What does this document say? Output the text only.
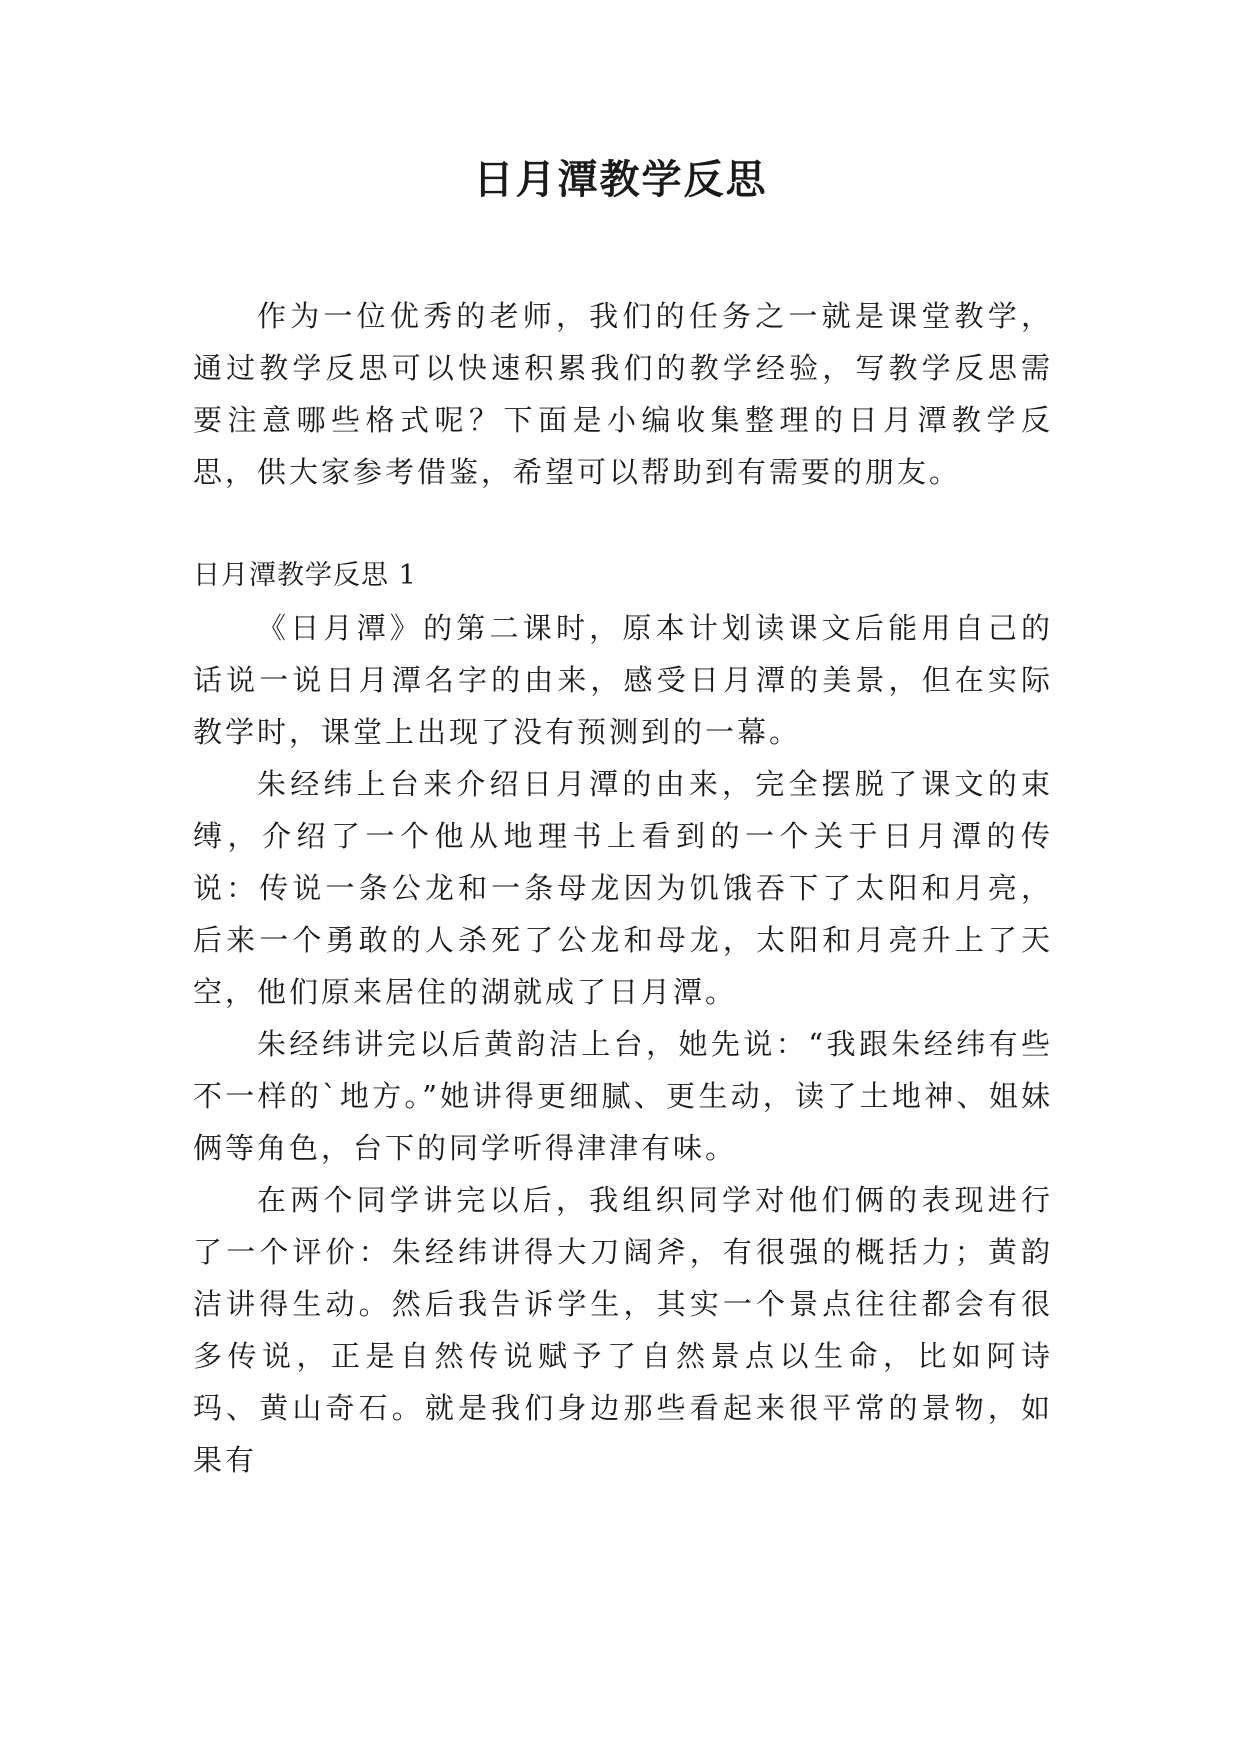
日月潭教学反思

作为一位优秀的老师，我们的任务之一就是课堂教学，通过教学反思可以快速积累我们的教学经验，写教学反思需要注意哪些格式呢？下面是小编收集整理的日月潭教学反思，供大家参考借鉴，希望可以帮助到有需要的朋友。

日月潭教学反思 1

《日月潭》的第二课时，原本计划读课文后能用自己的话说一说日月潭名字的由来，感受日月潭的美景，但在实际教学时，课堂上出现了没有预测到的一幕。

朱经纬上台来介绍日月潭的由来，完全摆脱了课文的束缚，介绍了一个他从地理书上看到的一个关于日月潭的传说：传说一条公龙和一条母龙因为饥饿吞下了太阳和月亮，后来一个勇敢的人杀死了公龙和母龙，太阳和月亮升上了天空，他们原来居住的湖就成了日月潭。

朱经纬讲完以后黄韵洁上台，她先说：“我跟朱经纬有些不一样的`地方。”她讲得更细腻、更生动，读了土地神、姐妹俩等角色，台下的同学听得津津有味。

在两个同学讲完以后，我组织同学对他们俩的表现进行了一个评价：朱经纬讲得大刀阔斧，有很强的概括力；黄韵洁讲得生动。然后我告诉学生，其实一个景点往往都会有很多传说，正是自然传说赋予了自然景点以生命，比如阿诗玛、黄山奇石。就是我们身边那些看起来很平常的景物，如果有
